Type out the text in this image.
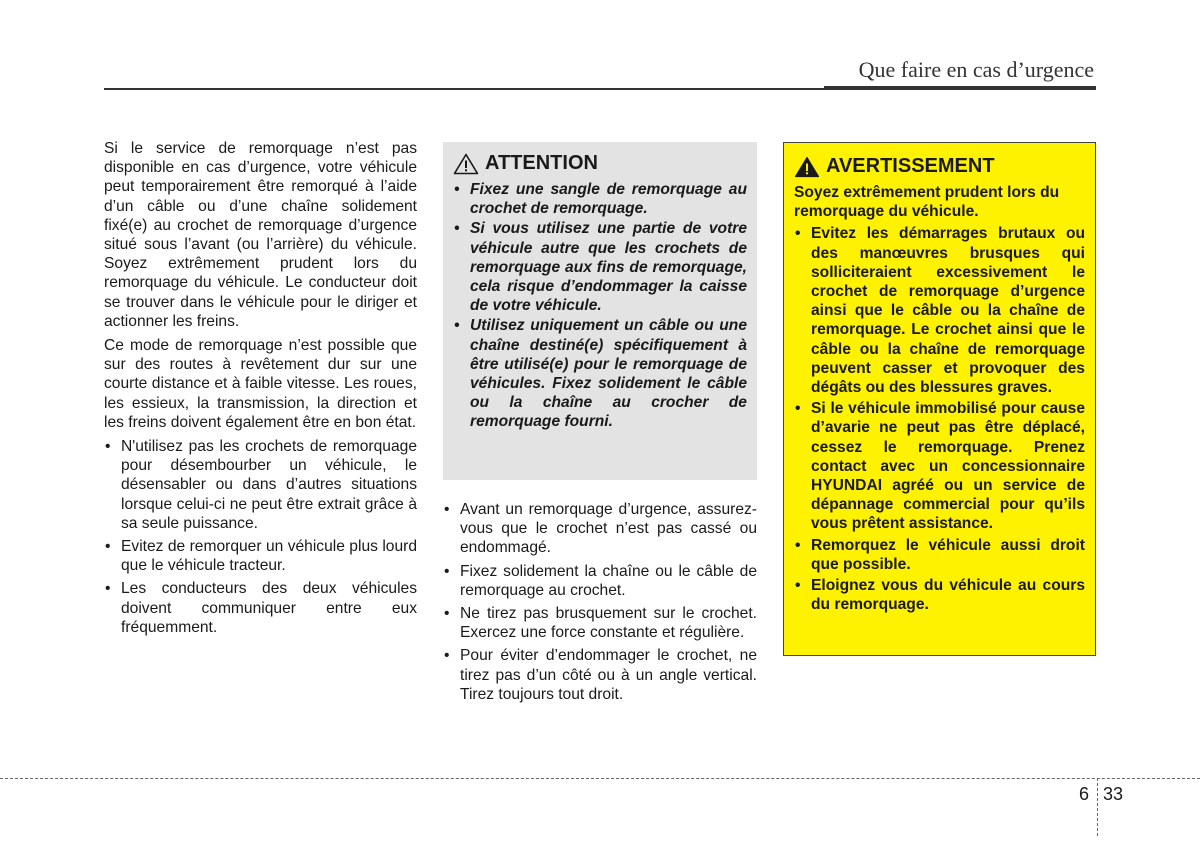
Que faire en cas d’urgence

Si le service de remorquage n’est pas disponible en cas d’urgence, votre véhicule peut temporairement être remorqué à l’aide d’un câble ou d’une chaîne solidement fixé(e) au crochet de remorquage d’urgence situé sous l’avant (ou l’arrière) du véhicule. Soyez extrêmement prudent lors du remorquage du véhicule. Le conducteur doit se trouver dans le véhicule pour le diriger et actionner les freins.

Ce mode de remorquage n’est possible que sur des routes à revêtement dur sur une courte distance et à faible vitesse. Les roues, les essieux, la transmission, la direction et les freins doivent également être en bon état.

• N'utilisez pas les crochets de remorquage pour désembourber un véhicule, le désensabler ou dans d’autres situations lorsque celui-ci ne peut être extrait grâce à sa seule puissance.
• Evitez de remorquer un véhicule plus lourd que le véhicule tracteur.
• Les conducteurs des deux véhicules doivent communiquer entre eux fréquemment.
ATTENTION
• Fixez une sangle de remorquage au crochet de remorquage.
• Si vous utilisez une partie de votre véhicule autre que les crochets de remorquage aux fins de remorquage, cela risque d’endommager la caisse de votre véhicule.
• Utilisez uniquement un câble ou une chaîne destiné(e) spécifiquement à être utilisé(e) pour le remorquage de véhicules. Fixez solidement le câble ou la chaîne au crocher de remorquage fourni.
• Avant un remorquage d’urgence, assurez-vous que le crochet n’est pas cassé ou endommagé.
• Fixez solidement la chaîne ou le câble de remorquage au crochet.
• Ne tirez pas brusquement sur le crochet. Exercez une force constante et régulière.
• Pour éviter d’endommager le crochet, ne tirez pas d’un côté ou à un angle vertical. Tirez toujours tout droit.
AVERTISSEMENT

Soyez extrêmement prudent lors du remorquage du véhicule.

• Evitez les démarrages brutaux ou des manœuvres brusques qui solliciteraient excessivement le crochet de remorquage d’urgence ainsi que le câble ou la chaîne de remorquage. Le crochet ainsi que le câble ou la chaîne de remorquage peuvent casser et provoquer des dégâts ou des blessures graves.
• Si le véhicule immobilisé pour cause d’avarie ne peut pas être déplacé, cessez le remorquage. Prenez contact avec un concessionnaire HYUNDAI agréé ou un service de dépannage commercial pour qu’ils vous prêtent assistance.
• Remorquez le véhicule aussi droit que possible.
• Eloignez vous du véhicule au cours du remorquage.
6 33
